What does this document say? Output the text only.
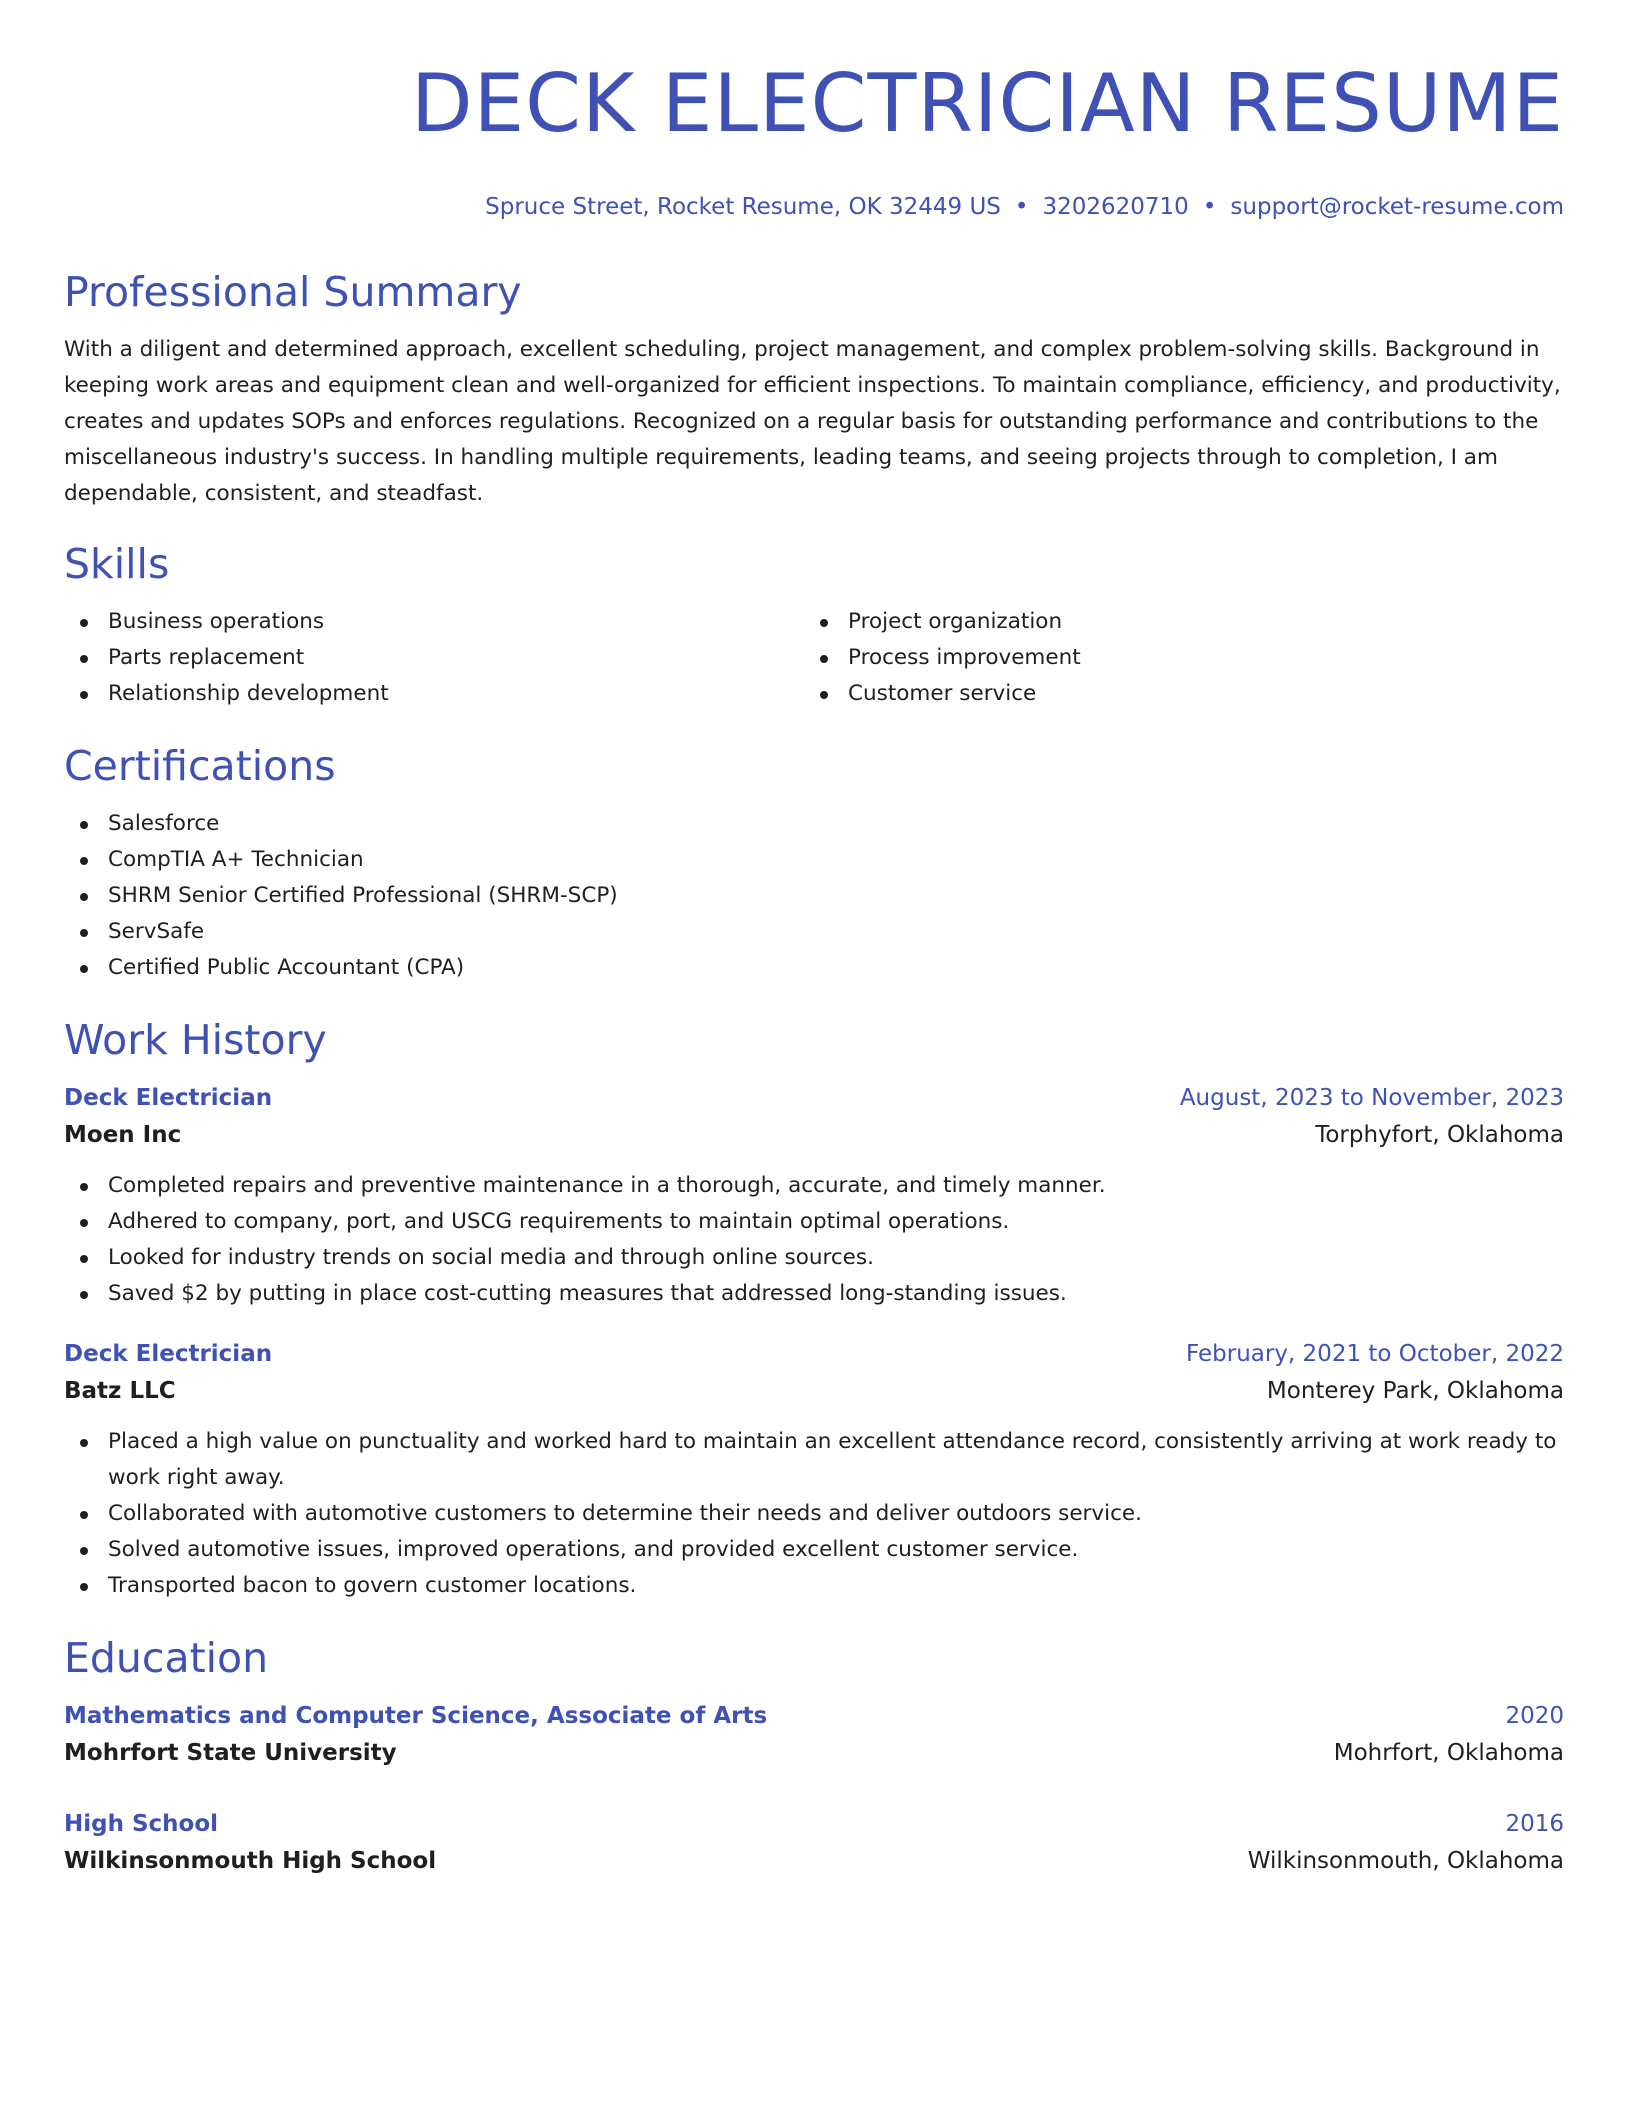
DECK ELECTRICIAN RESUME
Spruce Street, Rocket Resume, OK 32449 US • 3202620710 • support@rocket-resume.com
Professional Summary
With a diligent and determined approach, excellent scheduling, project management, and complex problem-solving skills. Background in keeping work areas and equipment clean and well-organized for efficient inspections. To maintain compliance, efficiency, and productivity, creates and updates SOPs and enforces regulations. Recognized on a regular basis for outstanding performance and contributions to the miscellaneous industry's success. In handling multiple requirements, leading teams, and seeing projects through to completion, I am dependable, consistent, and steadfast.
Skills
Business operations
Parts replacement
Relationship development
Project organization
Process improvement
Customer service
Certifications
Salesforce
CompTIA A+ Technician
SHRM Senior Certified Professional (SHRM-SCP)
ServSafe
Certified Public Accountant (CPA)
Work History
Deck Electrician	August, 2023 to November, 2023
Moen Inc	Torphyfort, Oklahoma
Completed repairs and preventive maintenance in a thorough, accurate, and timely manner.
Adhered to company, port, and USCG requirements to maintain optimal operations.
Looked for industry trends on social media and through online sources.
Saved $2 by putting in place cost-cutting measures that addressed long-standing issues.
Deck Electrician	February, 2021 to October, 2022
Batz LLC	Monterey Park, Oklahoma
Placed a high value on punctuality and worked hard to maintain an excellent attendance record, consistently arriving at work ready to work right away.
Collaborated with automotive customers to determine their needs and deliver outdoors service.
Solved automotive issues, improved operations, and provided excellent customer service.
Transported bacon to govern customer locations.
Education
Mathematics and Computer Science, Associate of Arts	2020
Mohrfort State University	Mohrfort, Oklahoma
High School	2016
Wilkinsonmouth High School	Wilkinsonmouth, Oklahoma
